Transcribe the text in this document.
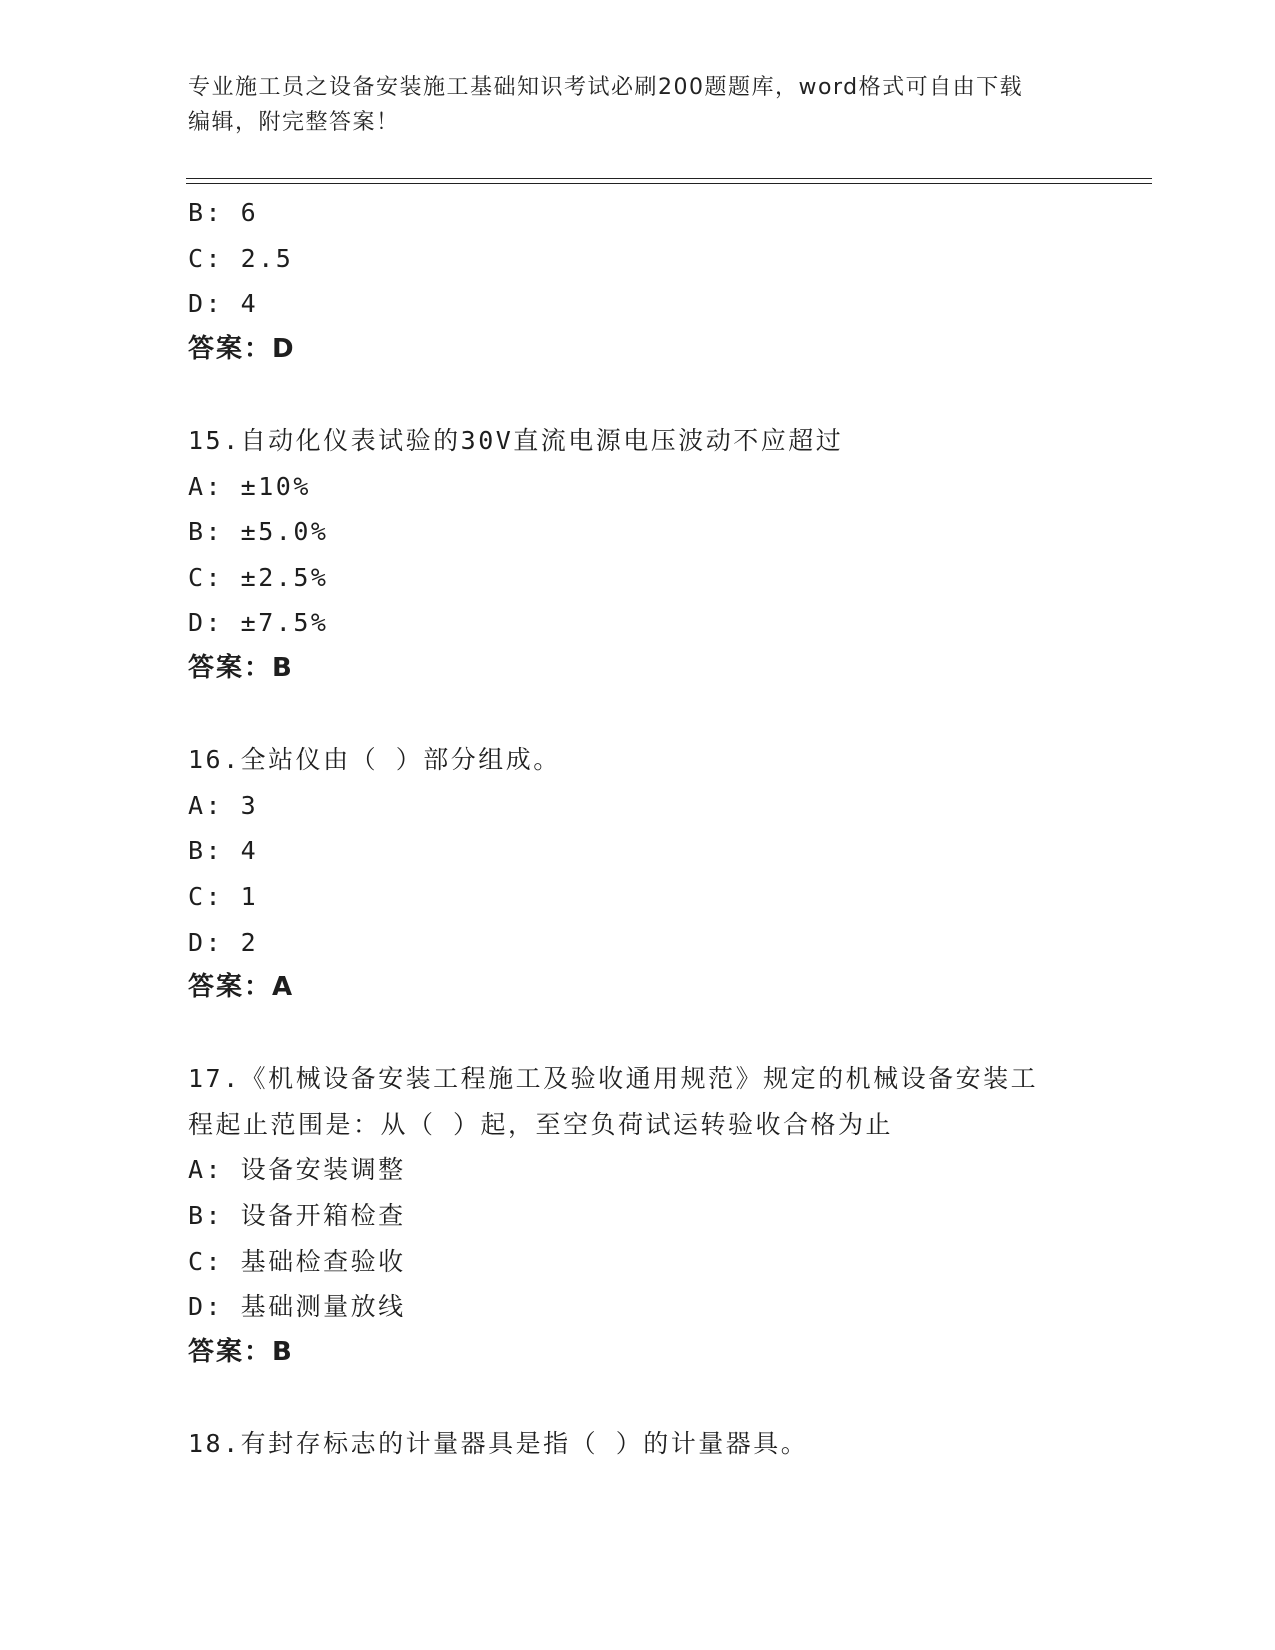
专业施工员之设备安装施工基础知识考试必刷200题题库，word格式可自由下载
编辑，附完整答案！
B: 6
C: 2.5
D: 4
答案：D
15.自动化仪表试验的30V直流电源电压波动不应超过
A: ±10%
B: ±5.0%
C: ±2.5%
D: ±7.5%
答案：B
16.全站仪由（ ）部分组成。
A: 3
B: 4
C: 1
D: 2
答案：A
17.《机械设备安装工程施工及验收通用规范》规定的机械设备安装工
程起止范围是：从（ ）起，至空负荷试运转验收合格为止
A: 设备安装调整
B: 设备开箱检查
C: 基础检查验收
D: 基础测量放线
答案：B
18.有封存标志的计量器具是指（ ）的计量器具。
